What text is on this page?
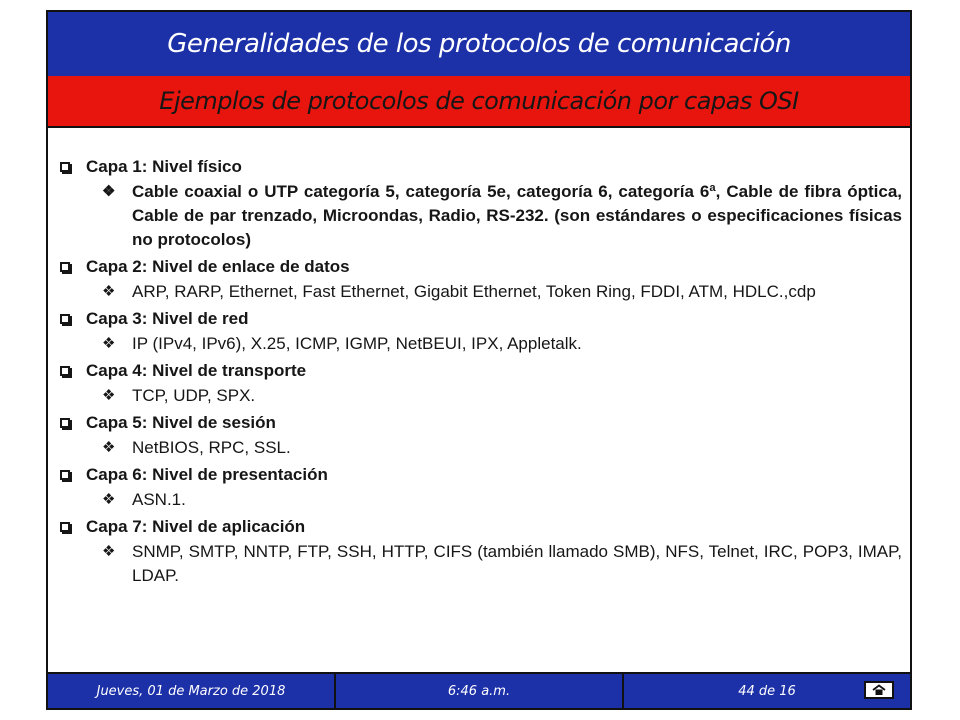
Generalidades de los protocolos de comunicación
Ejemplos de protocolos de comunicación por capas OSI
Capa 1: Nivel físico
❖ Cable coaxial o UTP categoría 5, categoría 5e, categoría 6, categoría 6ª, Cable de fibra óptica, Cable de par trenzado, Microondas, Radio, RS-232. (son estándares o especificaciones físicas no protocolos)
Capa 2: Nivel de enlace de datos
❖ ARP, RARP, Ethernet, Fast Ethernet, Gigabit Ethernet, Token Ring, FDDI, ATM, HDLC.,cdp
Capa 3: Nivel de red
❖ IP (IPv4, IPv6), X.25, ICMP, IGMP, NetBEUI, IPX, Appletalk.
Capa 4: Nivel de transporte
❖ TCP, UDP, SPX.
Capa 5: Nivel de sesión
❖ NetBIOS, RPC, SSL.
Capa 6: Nivel de presentación
❖ ASN.1.
Capa 7: Nivel de aplicación
❖ SNMP, SMTP, NNTP, FTP, SSH, HTTP, CIFS (también llamado SMB), NFS, Telnet, IRC, POP3, IMAP, LDAP.
Jueves, 01 de Marzo de 2018	6:46 a.m.	44 de 16
